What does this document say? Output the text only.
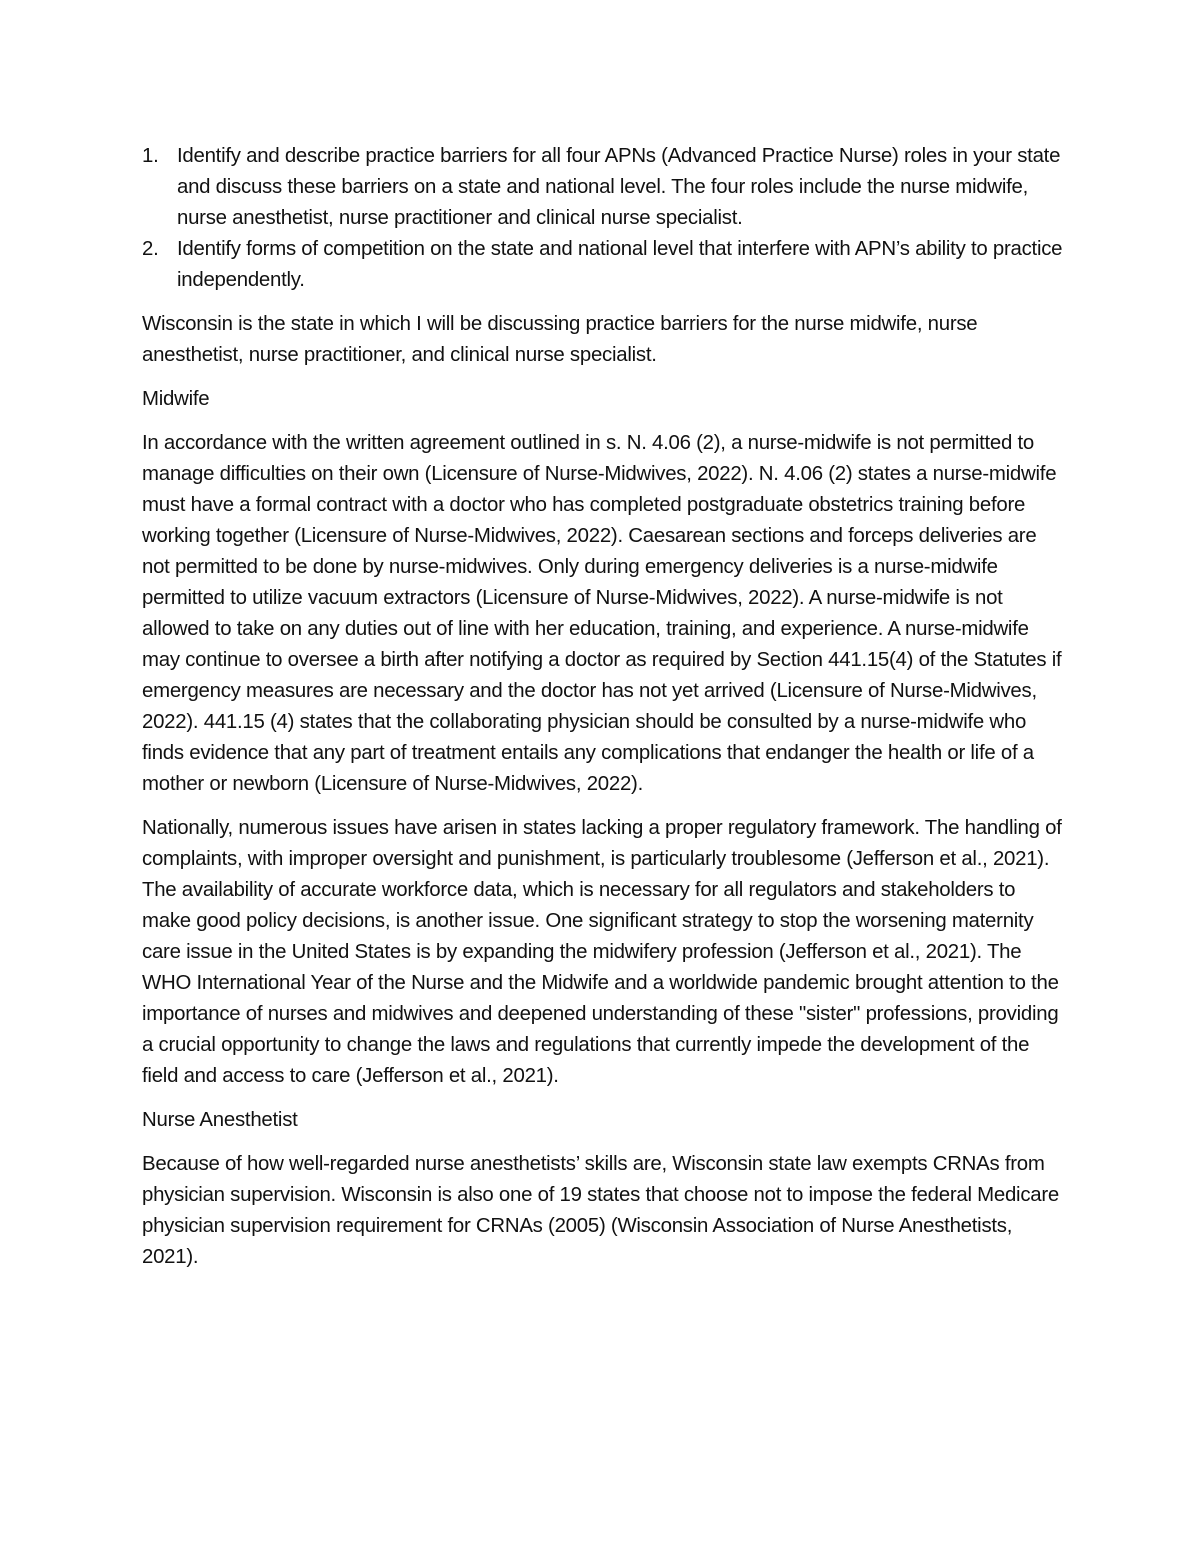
1. Identify and describe practice barriers for all four APNs (Advanced Practice Nurse) roles in your state and discuss these barriers on a state and national level. The four roles include the nurse midwife, nurse anesthetist, nurse practitioner and clinical nurse specialist.
2. Identify forms of competition on the state and national level that interfere with APN’s ability to practice independently.

Wisconsin is the state in which I will be discussing practice barriers for the nurse midwife, nurse anesthetist, nurse practitioner, and clinical nurse specialist.

Midwife

In accordance with the written agreement outlined in s. N. 4.06 (2), a nurse-midwife is not permitted to manage difficulties on their own (Licensure of Nurse-Midwives, 2022). N. 4.06 (2) states a nurse-midwife must have a formal contract with a doctor who has completed postgraduate obstetrics training before working together (Licensure of Nurse-Midwives, 2022). Caesarean sections and forceps deliveries are not permitted to be done by nurse-midwives. Only during emergency deliveries is a nurse-midwife permitted to utilize vacuum extractors (Licensure of Nurse-Midwives, 2022). A nurse-midwife is not allowed to take on any duties out of line with her education, training, and experience. A nurse-midwife may continue to oversee a birth after notifying a doctor as required by Section 441.15(4) of the Statutes if emergency measures are necessary and the doctor has not yet arrived (Licensure of Nurse-Midwives, 2022). 441.15 (4) states that the collaborating physician should be consulted by a nurse-midwife who finds evidence that any part of treatment entails any complications that endanger the health or life of a mother or newborn (Licensure of Nurse-Midwives, 2022).

Nationally, numerous issues have arisen in states lacking a proper regulatory framework. The handling of complaints, with improper oversight and punishment, is particularly troublesome (Jefferson et al., 2021). The availability of accurate workforce data, which is necessary for all regulators and stakeholders to make good policy decisions, is another issue. One significant strategy to stop the worsening maternity care issue in the United States is by expanding the midwifery profession (Jefferson et al., 2021). The WHO International Year of the Nurse and the Midwife and a worldwide pandemic brought attention to the importance of nurses and midwives and deepened understanding of these "sister" professions, providing a crucial opportunity to change the laws and regulations that currently impede the development of the field and access to care (Jefferson et al., 2021).

Nurse Anesthetist

Because of how well-regarded nurse anesthetists’ skills are, Wisconsin state law exempts CRNAs from physician supervision. Wisconsin is also one of 19 states that choose not to impose the federal Medicare physician supervision requirement for CRNAs (2005) (Wisconsin Association of Nurse Anesthetists, 2021).
